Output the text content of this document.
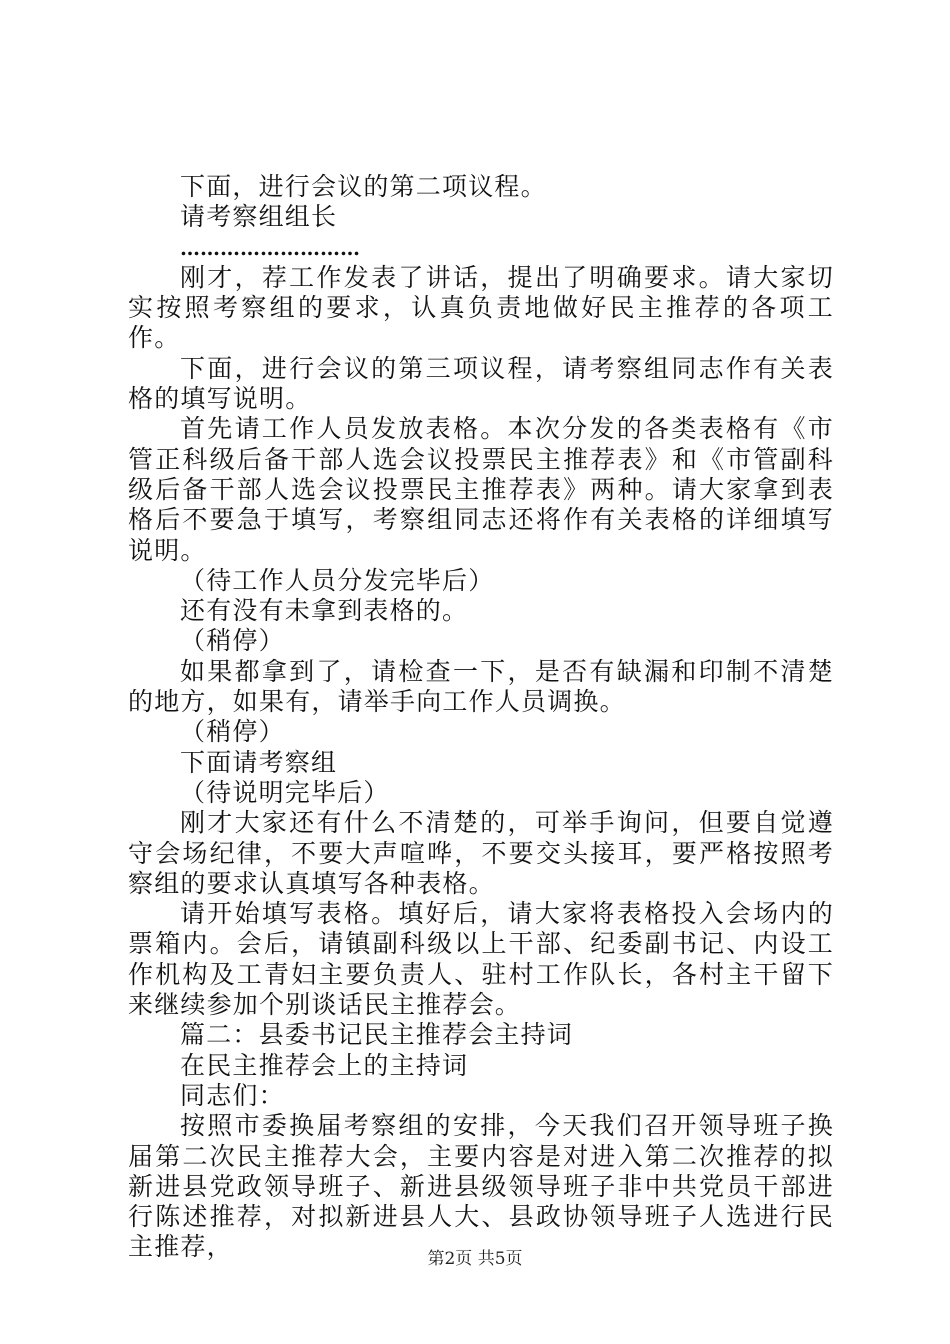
下面，进行会议的第二项议程。

请考察组组长

………………………

刚才，荐工作发表了讲话，提出了明确要求。请大家切实按照考察组的要求，认真负责地做好民主推荐的各项工作。

下面，进行会议的第三项议程，请考察组同志作有关表格的填写说明。

首先请工作人员发放表格。本次分发的各类表格有《市管正科级后备干部人选会议投票民主推荐表》和《市管副科级后备干部人选会议投票民主推荐表》两种。请大家拿到表格后不要急于填写，考察组同志还将作有关表格的详细填写说明。

（待工作人员分发完毕后）

还有没有未拿到表格的。

（稍停）

如果都拿到了，请检查一下，是否有缺漏和印制不清楚的地方，如果有，请举手向工作人员调换。

（稍停）

下面请考察组

（待说明完毕后）

刚才大家还有什么不清楚的，可举手询问，但要自觉遵守会场纪律，不要大声喧哗，不要交头接耳，要严格按照考察组的要求认真填写各种表格。

请开始填写表格。填好后，请大家将表格投入会场内的票箱内。会后，请镇副科级以上干部、纪委副书记、内设工作机构及工青妇主要负责人、驻村工作队长，各村主干留下来继续参加个别谈话民主推荐会。

篇二：县委书记民主推荐会主持词

在民主推荐会上的主持词

同志们：

按照市委换届考察组的安排，今天我们召开领导班子换届第二次民主推荐大会，主要内容是对进入第二次推荐的拟新进县党政领导班子、新进县级领导班子非中共党员干部进行陈述推荐，对拟新进县人大、县政协领导班子人选进行民主推荐，	第2页 共5页
